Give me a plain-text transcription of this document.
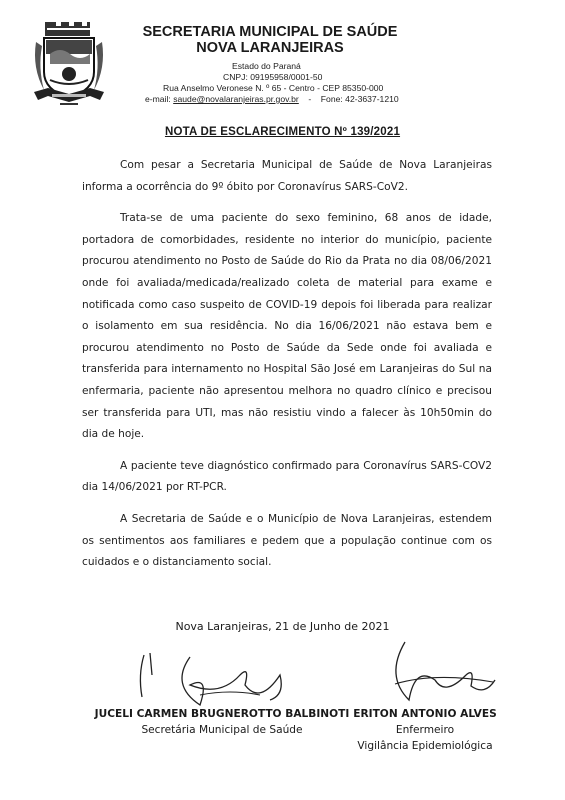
SECRETARIA MUNICIPAL DE SAÚDE
NOVA LARANJEIRAS
Estado do Paraná
CNPJ: 09195958/0001-50
Rua Anselmo Veronese N. º 65 - Centro - CEP 85350-000
e-mail: saude@novalaranjeiras.pr.gov.br - Fone: 42-3637-1210
NOTA DE ESCLARECIMENTO Nº 139/2021

Com pesar a Secretaria Municipal de Saúde de Nova Laranjeiras informa a ocorrência do 9º óbito por Coronavírus SARS-CoV2.

Trata-se de uma paciente do sexo feminino, 68 anos de idade, portadora de comorbidades, residente no interior do município, paciente procurou atendimento no Posto de Saúde do Rio da Prata no dia 08/06/2021 onde foi avaliada/medicada/realizado coleta de material para exame e notificada como caso suspeito de COVID-19 depois foi liberada para realizar o isolamento em sua residência. No dia 16/06/2021 não estava bem e procurou atendimento no Posto de Saúde da Sede onde foi avaliada e transferida para internamento no Hospital São José em Laranjeiras do Sul na enfermaria, paciente não apresentou melhora no quadro clínico e precisou ser transferida para UTI, mas não resistiu vindo a falecer às 10h50min do dia de hoje.

A paciente teve diagnóstico confirmado para Coronavírus SARS-COV2 dia 14/06/2021 por RT-PCR.

A Secretaria de Saúde e o Município de Nova Laranjeiras, estendem os sentimentos aos familiares e pedem que a população continue com os cuidados e o distanciamento social.

Nova Laranjeiras, 21 de Junho de 2021
JUCELI CARMEN BRUGNEROTTO BALBINOTI
Secretária Municipal de Saúde
ERITON ANTONIO ALVES
Enfermeiro
Vigilância Epidemiológica
